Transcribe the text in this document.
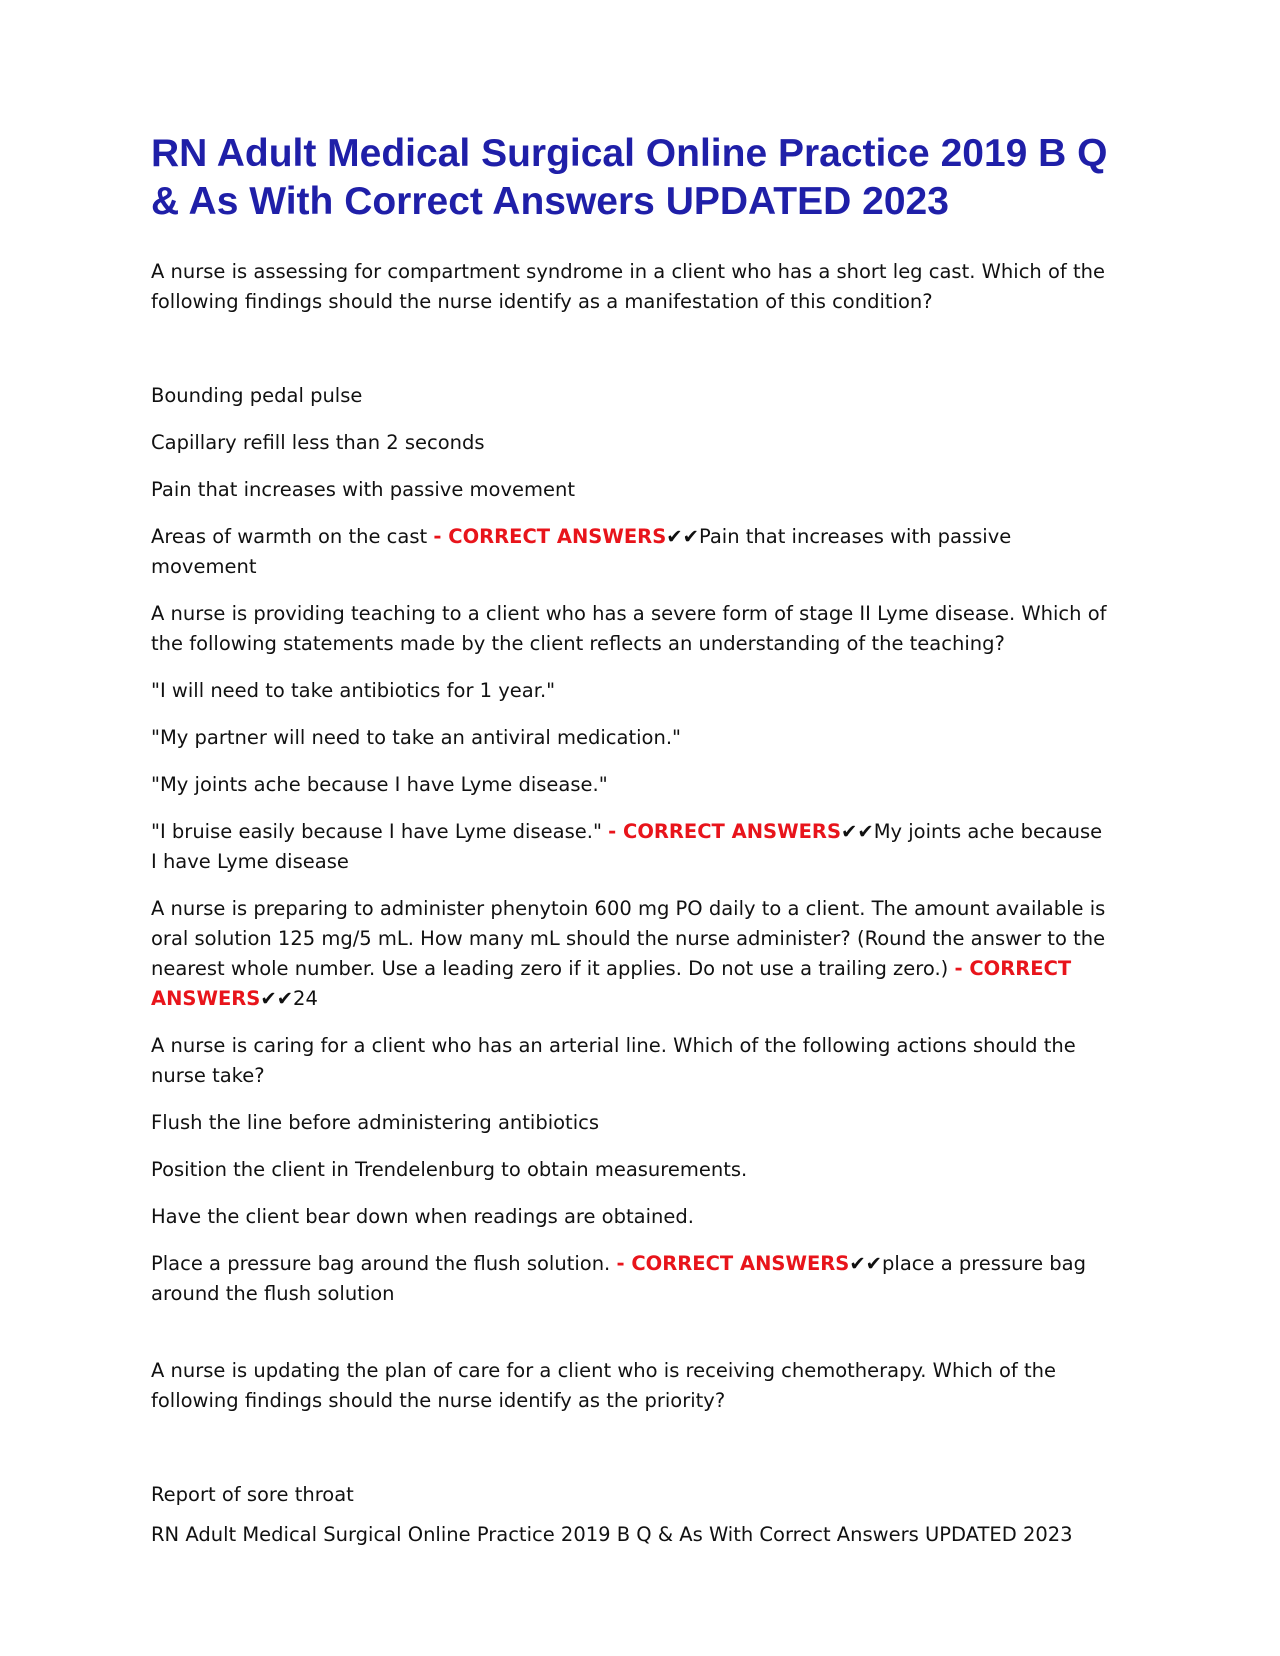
RN Adult Medical Surgical Online Practice 2019 B Q & As With Correct Answers UPDATED 2023

A nurse is assessing for compartment syndrome in a client who has a short leg cast. Which of the following findings should the nurse identify as a manifestation of this condition?

Bounding pedal pulse

Capillary refill less than 2 seconds

Pain that increases with passive movement

Areas of warmth on the cast - CORRECT ANSWERS✔✔Pain that increases with passive movement

A nurse is providing teaching to a client who has a severe form of stage II Lyme disease. Which of the following statements made by the client reflects an understanding of the teaching?

"I will need to take antibiotics for 1 year."

"My partner will need to take an antiviral medication."

"My joints ache because I have Lyme disease."

"I bruise easily because I have Lyme disease." - CORRECT ANSWERS✔✔My joints ache because I have Lyme disease

A nurse is preparing to administer phenytoin 600 mg PO daily to a client. The amount available is oral solution 125 mg/5 mL. How many mL should the nurse administer? (Round the answer to the nearest whole number. Use a leading zero if it applies. Do not use a trailing zero.) - CORRECT ANSWERS✔✔24

A nurse is caring for a client who has an arterial line. Which of the following actions should the nurse take?

Flush the line before administering antibiotics

Position the client in Trendelenburg to obtain measurements.

Have the client bear down when readings are obtained.

Place a pressure bag around the flush solution. - CORRECT ANSWERS✔✔place a pressure bag around the flush solution

A nurse is updating the plan of care for a client who is receiving chemotherapy. Which of the following findings should the nurse identify as the priority?

Report of sore throat

RN Adult Medical Surgical Online Practice 2019 B Q & As With Correct Answers UPDATED 2023
